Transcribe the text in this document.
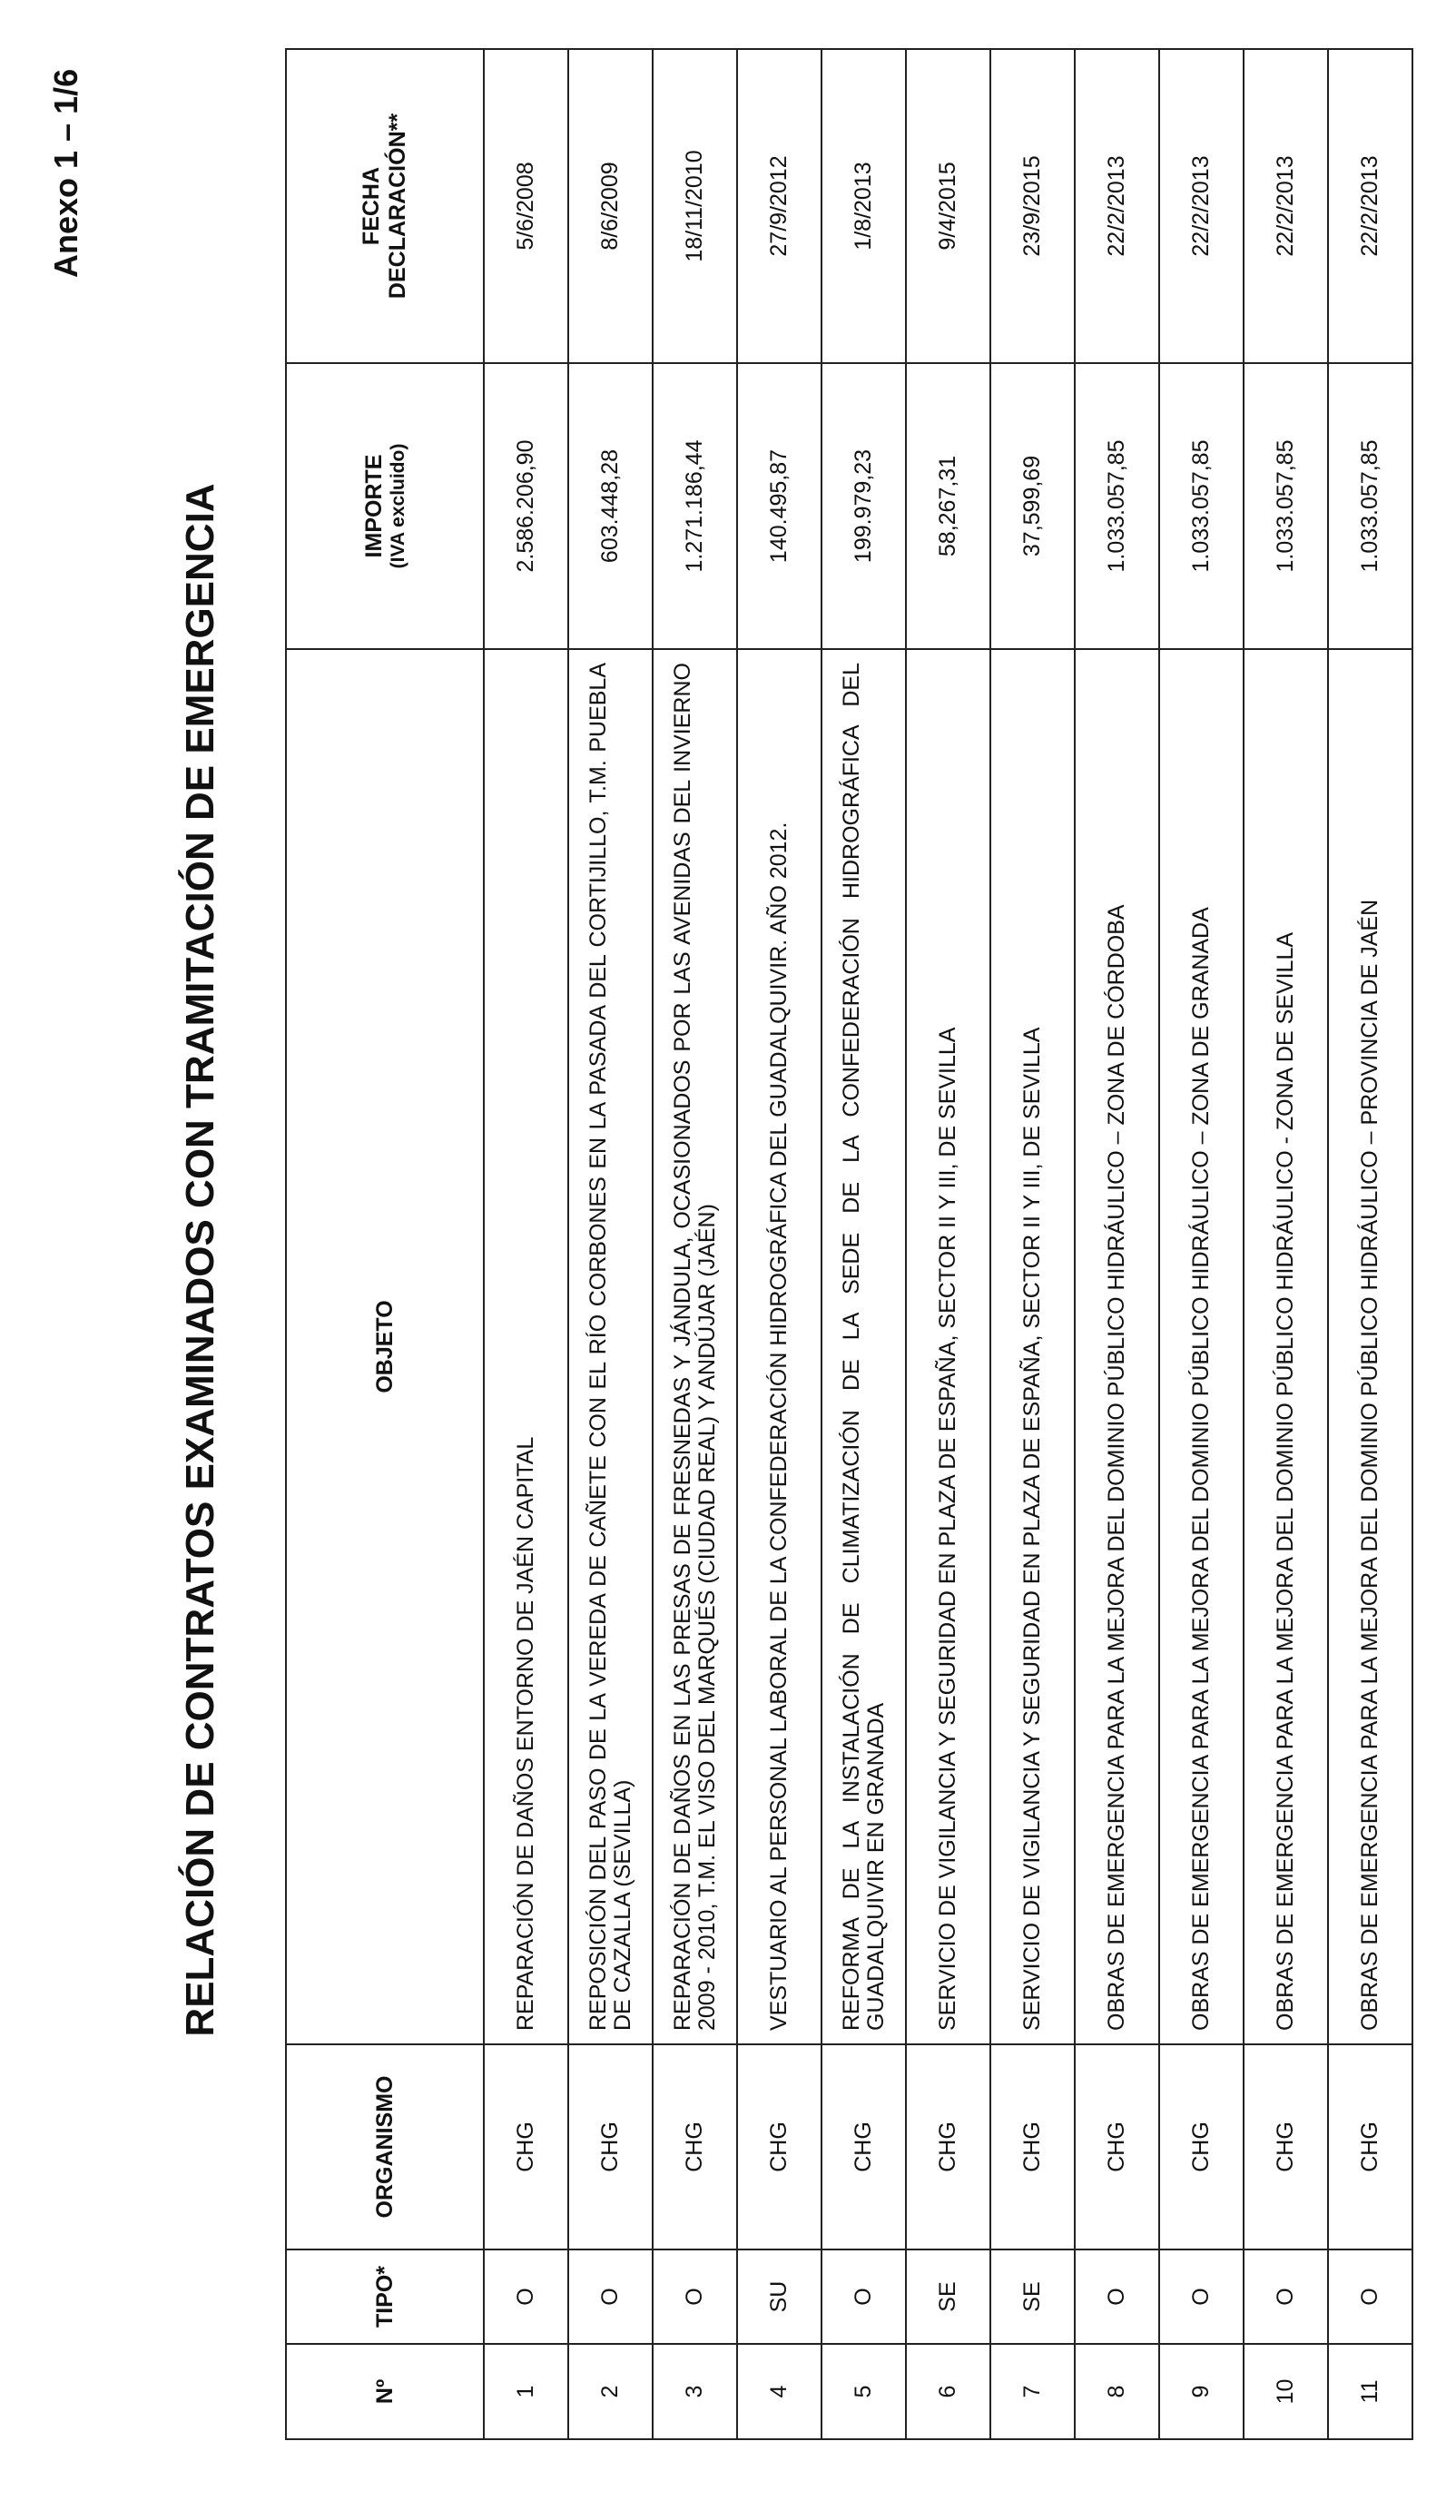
Anexo 1 – 1/6
RELACIÓN DE CONTRATOS EXAMINADOS CON TRAMITACIÓN DE EMERGENCIA
Nº	TIPO*	ORGANISMO	OBJETO	IMPORTE (IVA excluido)	FECHA DECLARACIÓN**

1	O	CHG	REPARACIÓN DE DAÑOS ENTORNO DE JAÉN CAPITAL	2.586.206,90	5/6/2008
2	O	CHG	REPOSICIÓN DEL PASO DE LA VEREDA DE CAÑETE CON EL RÍO CORBONES EN LA PASADA DEL CORTIJILLO, T.M. PUEBLA DE CAZALLA (SEVILLA)	603.448,28	8/6/2009
3	O	CHG	REPARACIÓN DE DAÑOS EN LAS PRESAS DE FRESNEDAS Y JÁNDULA, OCASIONADOS POR LAS AVENIDAS DEL INVIERNO 2009 - 2010, T.M. EL VISO DEL MARQUÉS (CIUDAD REAL) Y ANDÚJAR (JAÉN)	1.271.186,44	18/11/2010
4	SU	CHG	VESTUARIO AL PERSONAL LABORAL DE LA CONFEDERACIÓN HIDROGRÁFICA DEL GUADALQUIVIR. AÑO 2012.	140.495,87	27/9/2012
5	O	CHG	REFORMA DE LA INSTALACIÓN DE CLIMATIZACIÓN DE LA SEDE DE LA CONFEDERACIÓN HIDROGRÁFICA DEL GUADALQUIVIR EN GRANADA	199.979,23	1/8/2013
6	SE	CHG	SERVICIO DE VIGILANCIA Y SEGURIDAD EN PLAZA DE ESPAÑA, SECTOR II Y III, DE SEVILLA	58,267,31	9/4/2015
7	SE	CHG	SERVICIO DE VIGILANCIA Y SEGURIDAD EN PLAZA DE ESPAÑA, SECTOR II Y III, DE SEVILLA	37,599,69	23/9/2015
8	O	CHG	OBRAS DE EMERGENCIA PARA LA MEJORA DEL DOMINIO PÚBLICO HIDRÁULICO – ZONA DE CÓRDOBA	1.033.057,85	22/2/2013
9	O	CHG	OBRAS DE EMERGENCIA PARA LA MEJORA DEL DOMINIO PÚBLICO HIDRÁULICO – ZONA DE GRANADA	1.033.057,85	22/2/2013
10	O	CHG	OBRAS DE EMERGENCIA PARA LA MEJORA DEL DOMINIO PÚBLICO HIDRÁULICO - ZONA DE SEVILLA	1.033.057,85	22/2/2013
11	O	CHG	OBRAS DE EMERGENCIA PARA LA MEJORA DEL DOMINIO PÚBLICO HIDRÁULICO – PROVINCIA DE JAÉN	1.033.057,85	22/2/2013
